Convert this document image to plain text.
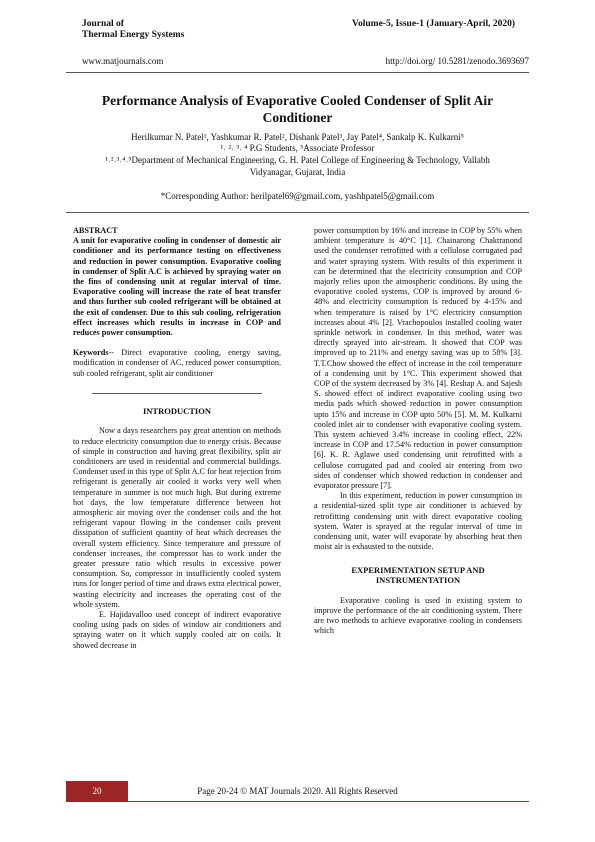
Journal of
Thermal Energy Systems
Volume-5, Issue-1 (January-April, 2020)
www.matjournals.com	http://doi.org/ 10.5281/zenodo.3693697
Performance Analysis of Evaporative Cooled Condenser of Split Air Conditioner
Herilkumar N. Patel¹, Yashkumar R. Patel², Dishank Patel³, Jay Patel⁴, Sankalp K. Kulkarni⁵
¹˒ ²˒ ³˒ ⁴ P.G Students, ⁵Associate Professor
¹˒²˒³˒⁴˒⁵Department of Mechanical Engineering, G. H. Patel College of Engineering & Technology, Vallabh
Vidyanagar, Gujarat, India
*Corresponding Author: herilpatel69@gmail.com, yashhpatel5@gmail.com

ABSTRACT

A unit for evaporative cooling in condenser of domestic air conditioner and its performance testing on effectiveness and reduction in power consumption. Evaporative cooling in condenser of Split A.C is achieved by spraying water on the fins of condensing unit at regular interval of time. Evaporative cooling will increase the rate of heat transfer and thus further sub cooled refrigerant will be obtained at the exit of condenser. Due to this sub cooling, refrigeration effect increases which results in increase in COP and reduces power consumption.

Keywords-- Direct evaporative cooling, energy saving, modification in condenser of AC, reduced power consumption, sub cooled refrigerant, split air conditioner

INTRODUCTION

Now a days researchers pay great attention on methods to reduce electricity consumption due to energy crisis. Because of simple in construction and having great flexibility, split air conditioners are used in residential and commercial buildings. Condenser used in this type of Split A.C for heat rejection from refrigerant is generally air cooled it works very well when temperature in summer is not much high. But during extreme hot days, the low temperature difference between hot atmospheric air moving over the condenser coils and the hot refrigerant vapour flowing in the condenser coils prevent dissipation of sufficient quantity of heat which decreases the overall system efficiency. Since temperature and pressure of condenser increases, the compressor has to work under the greater pressure ratio which results in excessive power consumption. So, compressor in insufficiently cooled system runs for longer period of time and draws extra electrical power, wasting electricity and increases the operating cost of the whole system.

E. Hajidavalloo used concept of indirect evaporative cooling using pads on sides of window air conditioners and spraying water on it which supply cooled air on coils. It showed decrease in

power consumption by 16% and increase in COP by 55% when ambient temperature is 40°C [1]. Chainarong Chaktranond used the condenser retrofitted with a cellulose corrugated pad and water spraying system. With results of this experiment it can be determined that the electricity consumption and COP majorly relies upon the atmospheric conditions. By using the evaporative cooled systems, COP is improved by around 6-48% and electricity consumption is reduced by 4-15% and when temperature is raised by 1°C electricity consumption increases about 4% [2]. Vrachopoulos installed cooling water sprinkle network in condenser. In this method, water was directly sprayed into air-stream. It showed that COP was improved up to 211% and energy saving was up to 58% [3]. T.T.Chow showed the effect of increase in the coil temperature of a condensing unit by 1°C. This experiment showed that COP of the system decreased by 3% [4]. Reshap A. and Sajesh S. showed effect of indirect evaporative cooling using two media pads which showed reduction in power consumption upto 15% and increase in COP upto 50% [5]. M. M. Kulkarni cooled inlet air to condenser with evaporative cooling system. This system achieved 3.4% increase in cooling effect, 22% increase in COP and 17.54% reduction in power consumption [6]. K. R. Aglawe used condensing unit retrofitted with a cellulose corrugated pad and cooled air entering from two sides of condenser which showed reduction in condenser and evaporator pressure [7].

In this experiment, reduction in power consumption in a residential-sized split type air conditioner is achieved by retrofitting condensing unit with direct evaporative cooling system. Water is sprayed at the regular interval of time in condensing unit, water will evaporate by absorbing heat then moist air is exhausted to the outside.

EXPERIMENTATION SETUP AND

INSTRUMENTATION

Evaporative cooling is used in existing system to improve the performance of the air conditioning system. There are two methods to achieve evaporative cooling in condensers which

20	Page 20-24 © MAT Journals 2020. All Rights Reserved
